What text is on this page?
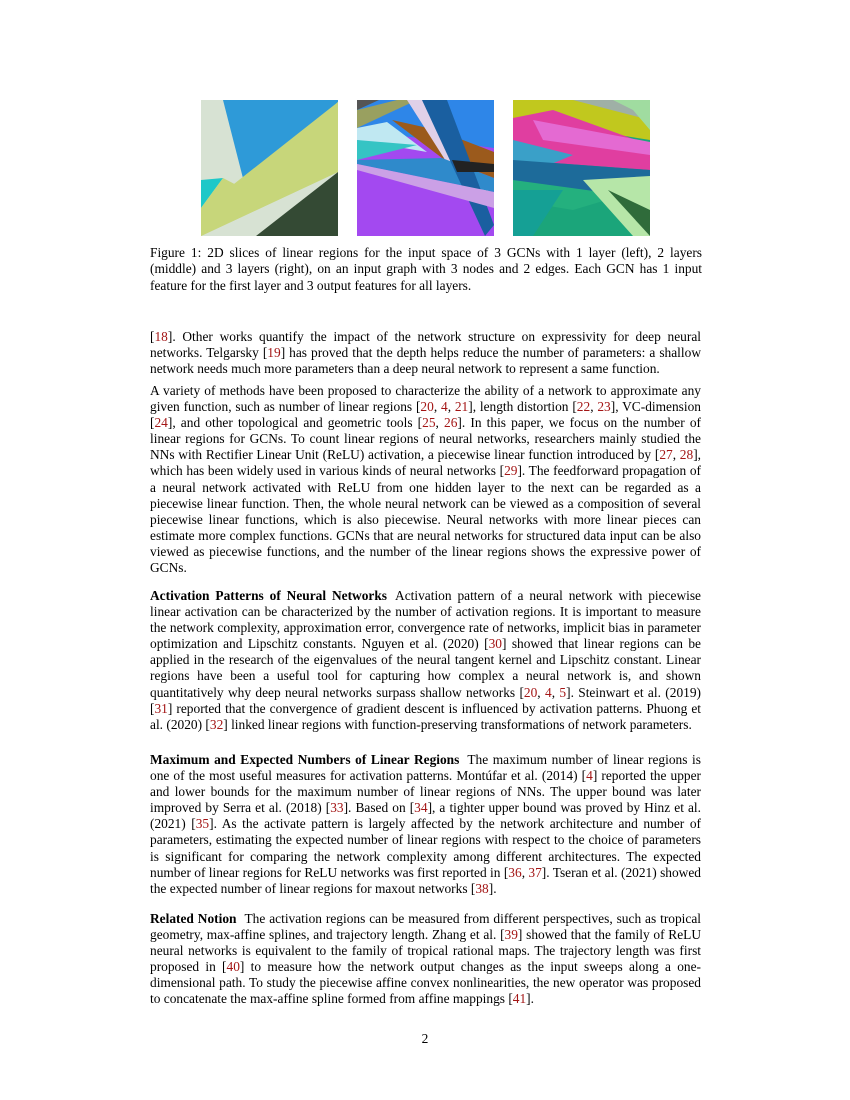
Figure 1: 2D slices of linear regions for the input space of 3 GCNs with 1 layer (left), 2 layers (middle) and 3 layers (right), on an input graph with 3 nodes and 2 edges. Each GCN has 1 input feature for the first layer and 3 output features for all layers.

[18]. Other works quantify the impact of the network structure on expressivity for deep neural networks. Telgarsky [19] has proved that the depth helps reduce the number of parameters: a shallow network needs much more parameters than a deep neural network to represent a same function.

A variety of methods have been proposed to characterize the ability of a network to approximate any given function, such as number of linear regions [20, 4, 21], length distortion [22, 23], VC-dimension [24], and other topological and geometric tools [25, 26]. In this paper, we focus on the number of linear regions for GCNs. To count linear regions of neural networks, researchers mainly studied the NNs with Rectifier Linear Unit (ReLU) activation, a piecewise linear function introduced by [27, 28], which has been widely used in various kinds of neural networks [29]. The feedforward propagation of a neural network activated with ReLU from one hidden layer to the next can be regarded as a piecewise linear function. Then, the whole neural network can be viewed as a composition of several piecewise linear functions, which is also piecewise. Neural networks with more linear pieces can estimate more complex functions. GCNs that are neural networks for structured data input can be also viewed as piecewise functions, and the number of the linear regions shows the expressive power of GCNs.

Activation Patterns of Neural Networks Activation pattern of a neural network with piecewise linear activation can be characterized by the number of activation regions. It is important to measure the network complexity, approximation error, convergence rate of networks, implicit bias in parameter optimization and Lipschitz constants. Nguyen et al. (2020) [30] showed that linear regions can be applied in the research of the eigenvalues of the neural tangent kernel and Lipschitz constant. Linear regions have been a useful tool for capturing how complex a neural network is, and shown quantitatively why deep neural networks surpass shallow networks [20, 4, 5]. Steinwart et al. (2019) [31] reported that the convergence of gradient descent is influenced by activation patterns. Phuong et al. (2020) [32] linked linear regions with function-preserving transformations of network parameters.

Maximum and Expected Numbers of Linear Regions The maximum number of linear regions is one of the most useful measures for activation patterns. Montúfar et al. (2014) [4] reported the upper and lower bounds for the maximum number of linear regions of NNs. The upper bound was later improved by Serra et al. (2018) [33]. Based on [34], a tighter upper bound was proved by Hinz et al. (2021) [35]. As the activate pattern is largely affected by the network architecture and number of parameters, estimating the expected number of linear regions with respect to the choice of parameters is significant for comparing the network complexity among different architectures. The expected number of linear regions for ReLU networks was first reported in [36, 37]. Tseran et al. (2021) showed the expected number of linear regions for maxout networks [38].

Related Notion The activation regions can be measured from different perspectives, such as tropical geometry, max-affine splines, and trajectory length. Zhang et al. [39] showed that the family of ReLU neural networks is equivalent to the family of tropical rational maps. The trajectory length was first proposed in [40] to measure how the network output changes as the input sweeps along a one-dimensional path. To study the piecewise affine convex nonlinearities, the new operator was proposed to concatenate the max-affine spline formed from affine mappings [41].

2
